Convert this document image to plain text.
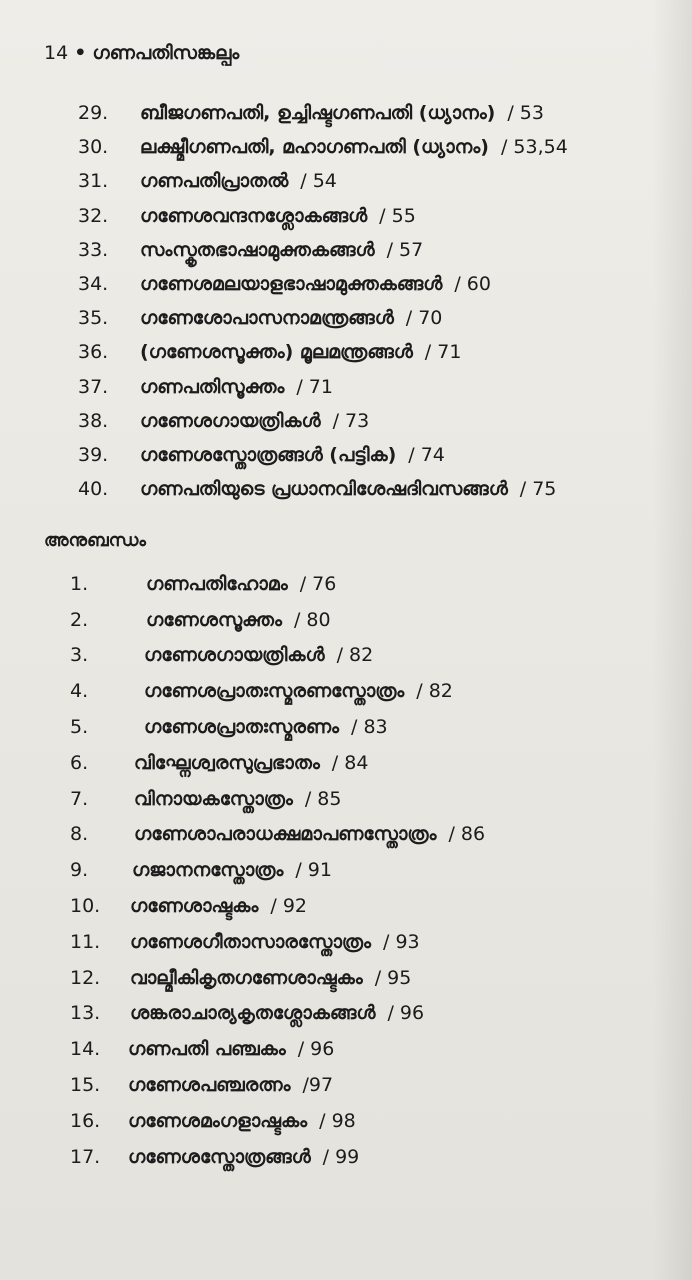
14 • ഗണപതിസങ്കല്പം
29.	ബീജഗണപതി, ഉച്ചിഷ്ടഗണപതി (ധ്യാനം) / 53
30.	ലക്ഷ്മീഗണപതി, മഹാഗണപതി (ധ്യാനം) / 53,54
31.	ഗണപതിപ്രാതൽ / 54
32.	ഗണേശവന്ദനശ്ലോകങ്ങൾ / 55
33.	സംസ്കൃതഭാഷാമുക്തകങ്ങൾ / 57
34.	ഗണേശമലയാളഭാഷാമുക്തകങ്ങൾ / 60
35.	ഗണേശോപാസനാമന്ത്രങ്ങൾ / 70
36.	(ഗണേശസൂക്തം) മൂലമന്ത്രങ്ങൾ / 71
37.	ഗണപതിസൂക്തം / 71
38.	ഗണേശഗായത്രികൾ / 73
39.	ഗണേശസ്തോത്രങ്ങൾ (പട്ടിക) / 74
40.	ഗണപതിയുടെ പ്രധാനവിശേഷദിവസങ്ങൾ / 75
അനുബന്ധം
1.	ഗണപതിഹോമം / 76
2.	ഗണേശസൂക്തം / 80
3.	ഗണേശഗായത്രികൾ / 82
4.	ഗണേശപ്രാതഃസ്മരണസ്തോത്രം / 82
5.	ഗണേശപ്രാതഃസ്മരണം / 83
6.	വിഘ്നേശ്വരസുപ്രഭാതം / 84
7.	വിനായകസ്തോത്രം / 85
8.	ഗണേശാപരാധക്ഷമാപണസ്തോത്രം / 86
9.	ഗജാനനസ്തോത്രം / 91
10.	ഗണേശാഷ്ടകം / 92
11.	ഗണേശഗീതാസാരസ്തോത്രം / 93
12.	വാല്മീകികൃതഗണേശാഷ്ടകം / 95
13.	ശങ്കരാചാര്യകൃതശ്ലോകങ്ങൾ / 96
14.	ഗണപതി പഞ്ചകം / 96
15.	ഗണേശപഞ്ചരത്നം /97
16.	ഗണേശമംഗളാഷ്ടകം / 98
17.	ഗണേശസ്തോത്രങ്ങൾ / 99
